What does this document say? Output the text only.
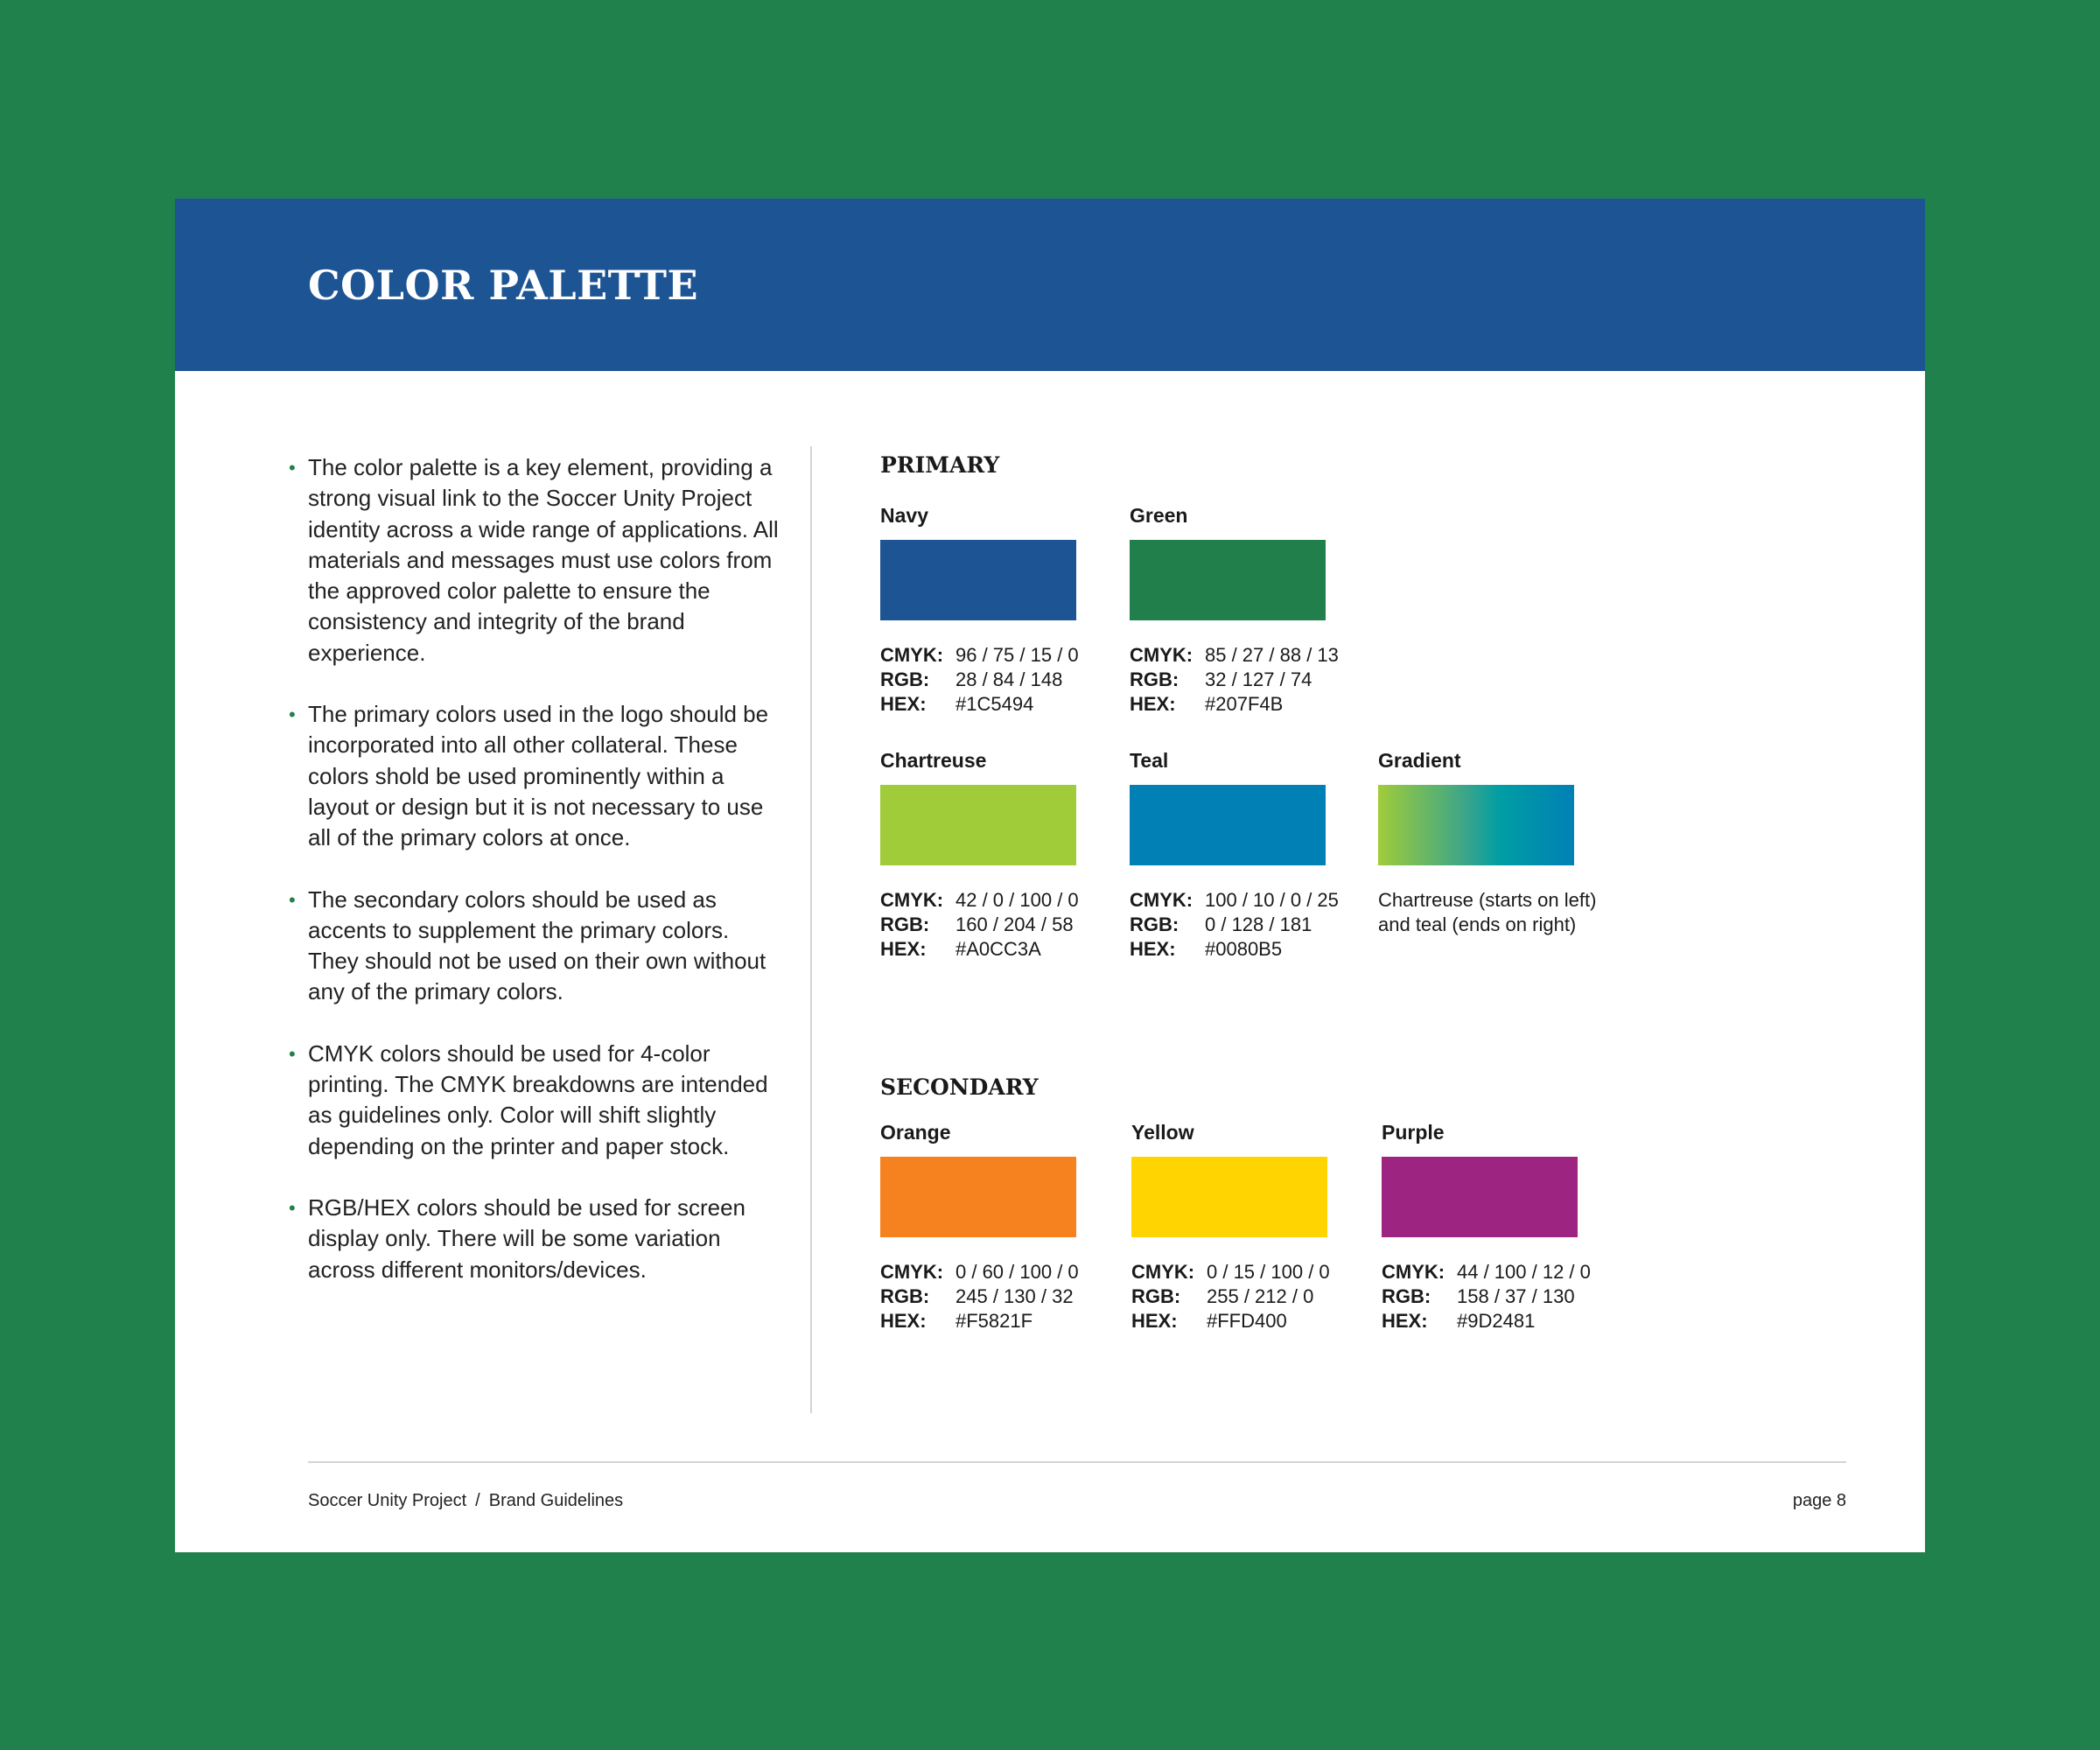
COLOR PALETTE
• The color palette is a key element, providing a strong visual link to the Soccer Unity Project identity across a wide range of applications. All materials and messages must use colors from the approved color palette to ensure the consistency and integrity of the brand experience.
• The primary colors used in the logo should be incorporated into all other collateral. These colors shold be used prominently within a layout or design but it is not necessary to use all of the primary colors at once.
• The secondary colors should be used as accents to supplement the primary colors. They should not be used on their own without any of the primary colors.
• CMYK colors should be used for 4-color printing. The CMYK breakdowns are intended as guidelines only. Color will shift slightly depending on the printer and paper stock.
• RGB/HEX colors should be used for screen display only. There will be some variation across different monitors/devices.
PRIMARY
Navy
CMYK: 96 / 75 / 15 / 0
RGB:	28 / 84 / 148
HEX:	#1C5494
Green
CMYK: 85 / 27 / 88 / 13
RGB:	32 / 127 / 74
HEX:	#207F4B
Chartreuse
CMYK: 42 / 0 / 100 / 0
RGB:	160 / 204 / 58
HEX:	#A0CC3A
Teal
CMYK: 100 / 10 / 0 / 25
RGB:	0 / 128 / 181
HEX:	#0080B5
Gradient
Chartreuse (starts on left)
and teal (ends on right)
SECONDARY
Orange
CMYK: 0 / 60 / 100 / 0
RGB:	245 / 130 / 32
HEX:	#F5821F
Yellow
CMYK: 0 / 15 / 100 / 0
RGB:	255 / 212 / 0
HEX:	#FFD400
Purple
CMYK: 44 / 100 / 12 / 0
RGB:	158 / 37 / 130
HEX:	#9D2481
Soccer Unity Project / Brand Guidelines	page 8
